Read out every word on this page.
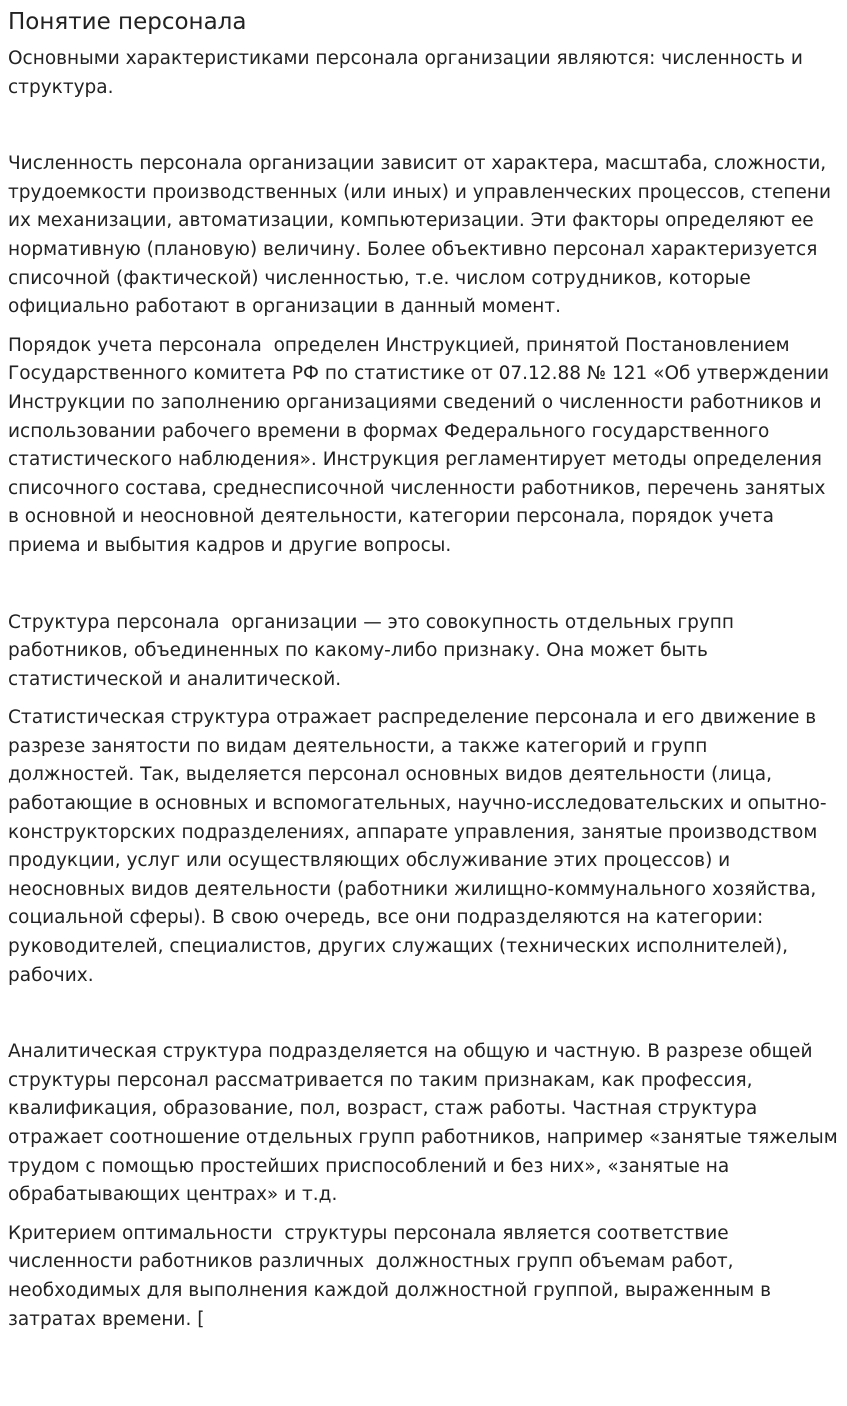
Понятие персонала

Основными характеристиками персонала организации являются: численность и структура.

Численность персонала организации зависит от характера, масштаба, сложности, трудоемкости производственных (или иных) и управленческих процессов, степени их механизации, автоматизации, компьютеризации. Эти факторы определяют ее нормативную (плановую) величину. Более объективно персонал характеризуется списочной (фактической) численностью, т.е. числом сотрудников, которые официально работают в организации в данный момент.

Порядок учета персонала  определен Инструкцией, принятой Постановлением Государственного комитета РФ по статистике от 07.12.88 № 121 «Об утверждении Инструкции по заполнению организациями сведений о численности работников и использовании рабочего времени в формах Федерального государственного статистического наблюдения». Инструкция регламентирует методы определения списочного состава, среднесписочной численности работников, перечень занятых в основной и неосновной деятельности, категории персонала, порядок учета приема и выбытия кадров и другие вопросы.

Структура персонала  организации — это совокупность отдельных групп работников, объединенных по какому-либо признаку. Она может быть статистической и аналитической.

Статистическая структура отражает распределение персонала и его движение в разрезе занятости по видам деятельности, а также категорий и групп должностей. Так, выделяется персонал основных видов деятельности (лица, работающие в основных и вспомогательных, научно-исследовательских и опытно-конструкторских подразделениях, аппарате управления, занятые производством продукции, услуг или осуществляющих обслуживание этих процессов) и неосновных видов деятельности (работники жилищно-коммунального хозяйства, социальной сферы). В свою очередь, все они подразделяются на категории: руководителей, специалистов, других служащих (технических исполнителей), рабочих.

Аналитическая структура подразделяется на общую и частную. В разрезе общей структуры персонал рассматривается по таким признакам, как профессия, квалификация, образование, пол, возраст, стаж работы. Частная структура отражает соотношение отдельных групп работников, например «занятые тяжелым трудом с помощью простейших приспособлений и без них», «занятые на обрабатывающих центрах» и т.д.

Критерием оптимальности  структуры персонала является соответствие численности работников различных  должностных групп объемам работ, необходимых для выполнения каждой должностной группой, выраженным в затратах времени. [
